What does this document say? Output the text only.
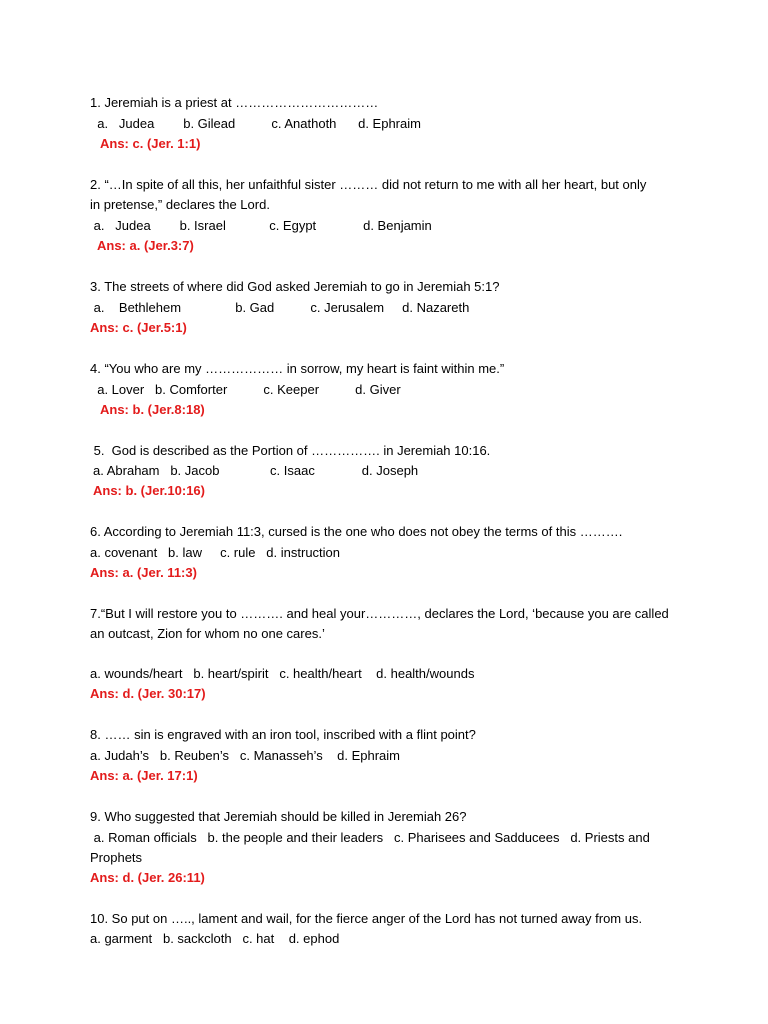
1. Jeremiah is a priest at ……………………………
a.   Judea        b. Gilead          c. Anathoth      d. Ephraim
Ans: c. (Jer. 1:1)
2. “…In spite of all this, her unfaithful sister ……… did not return to me with all her heart, but only
in pretense,” declares the Lord.
a.   Judea        b. Israel            c. Egypt             d. Benjamin
Ans: a. (Jer.3:7)
3. The streets of where did God asked Jeremiah to go in Jeremiah 5:1?
a.    Bethlehem               b. Gad          c. Jerusalem     d. Nazareth
Ans: c. (Jer.5:1)
4. “You who are my ……………… in sorrow, my heart is faint within me.”
a. Lover   b. Comforter          c. Keeper          d. Giver
Ans: b. (Jer.8:18)
5.  God is described as the Portion of ……………. in Jeremiah 10:16.
a. Abraham   b. Jacob              c. Isaac             d. Joseph
Ans: b. (Jer.10:16)
6. According to Jeremiah 11:3, cursed is the one who does not obey the terms of this ……….
a. covenant   b. law     c. rule   d. instruction
Ans: a. (Jer. 11:3)
7.“But I will restore you to ………. and heal your…………, declares the Lord, ‘because you are called
an outcast, Zion for whom no one cares.’
a. wounds/heart   b. heart/spirit   c. health/heart    d. health/wounds
Ans: d. (Jer. 30:17)
8. …… sin is engraved with an iron tool, inscribed with a flint point?
a. Judah’s   b. Reuben’s   c. Manasseh’s    d. Ephraim
Ans: a. (Jer. 17:1)
9. Who suggested that Jeremiah should be killed in Jeremiah 26?
a. Roman officials   b. the people and their leaders   c. Pharisees and Sadducees   d. Priests and
Prophets
Ans: d. (Jer. 26:11)
10. So put on ….., lament and wail, for the fierce anger of the Lord has not turned away from us.
a. garment   b. sackcloth   c. hat    d. ephod
